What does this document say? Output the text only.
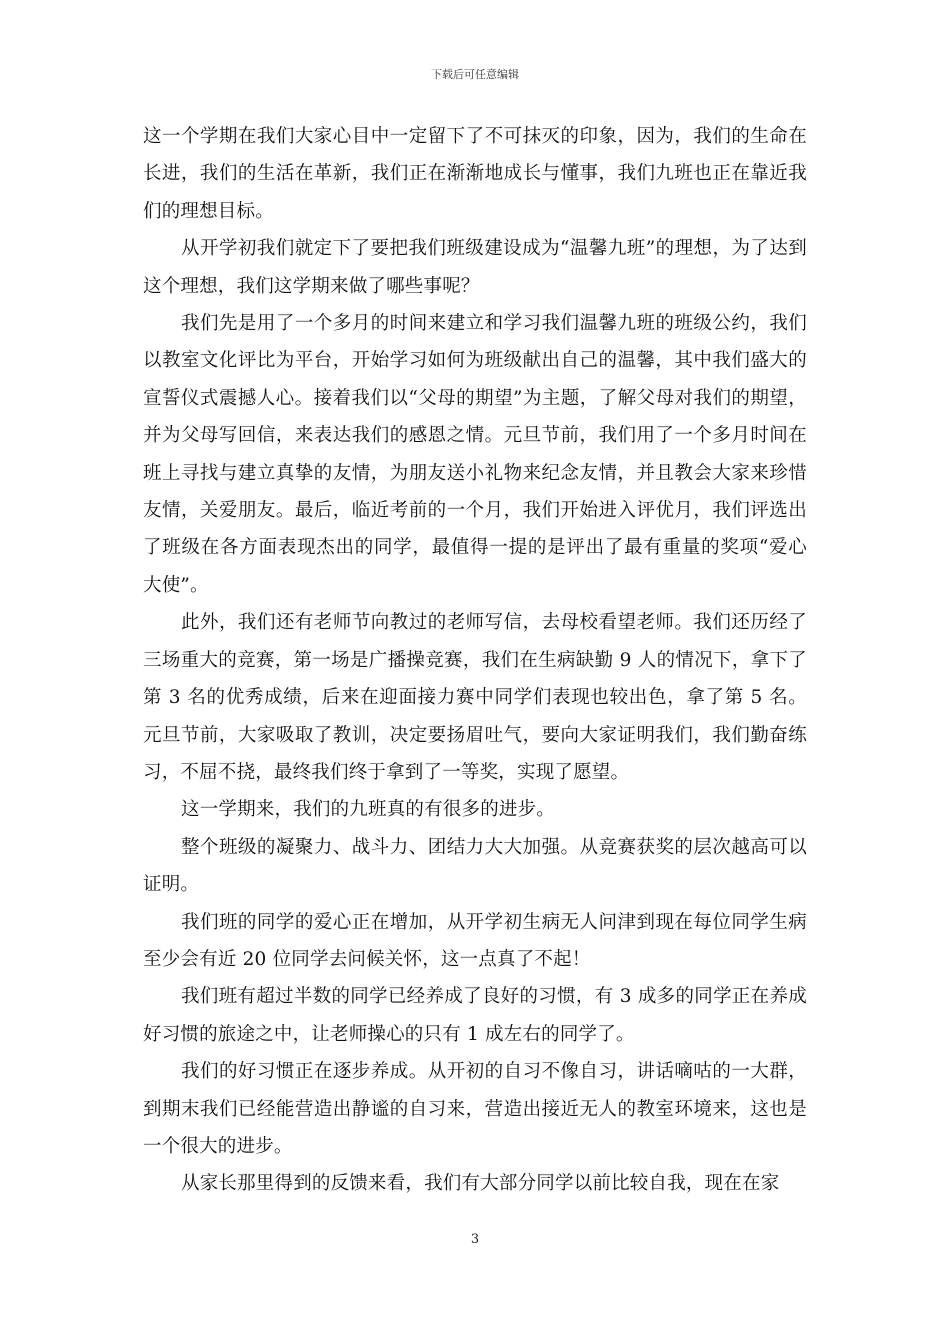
下载后可任意编辑

这一个学期在我们大家心目中一定留下了不可抹灭的印象，因为，我们的生命在长进，我们的生活在革新，我们正在渐渐地成长与懂事，我们九班也正在靠近我们的理想目标。

从开学初我们就定下了要把我们班级建设成为“温馨九班”的理想，为了达到这个理想，我们这学期来做了哪些事呢？

我们先是用了一个多月的时间来建立和学习我们温馨九班的班级公约，我们以教室文化评比为平台，开始学习如何为班级献出自己的温馨，其中我们盛大的宣誓仪式震撼人心。接着我们以“父母的期望”为主题，了解父母对我们的期望，并为父母写回信，来表达我们的感恩之情。元旦节前，我们用了一个多月时间在班上寻找与建立真挚的友情，为朋友送小礼物来纪念友情，并且教会大家来珍惜友情，关爱朋友。最后，临近考前的一个月，我们开始进入评优月，我们评选出了班级在各方面表现杰出的同学，最值得一提的是评出了最有重量的奖项“爱心大使”。

此外，我们还有老师节向教过的老师写信，去母校看望老师。我们还历经了三场重大的竞赛，第一场是广播操竞赛，我们在生病缺勤 9 人的情况下，拿下了第 3 名的优秀成绩，后来在迎面接力赛中同学们表现也较出色，拿了第 5 名。元旦节前，大家吸取了教训，决定要扬眉吐气，要向大家证明我们，我们勤奋练习，不屈不挠，最终我们终于拿到了一等奖，实现了愿望。

这一学期来，我们的九班真的有很多的进步。

整个班级的凝聚力、战斗力、团结力大大加强。从竞赛获奖的层次越高可以证明。

我们班的同学的爱心正在增加，从开学初生病无人问津到现在每位同学生病至少会有近 20 位同学去问候关怀，这一点真了不起！

我们班有超过半数的同学已经养成了良好的习惯，有 3 成多的同学正在养成好习惯的旅途之中，让老师操心的只有 1 成左右的同学了。

我们的好习惯正在逐步养成。从开初的自习不像自习，讲话嘀咕的一大群，到期末我们已经能营造出静谧的自习来，营造出接近无人的教室环境来，这也是一个很大的进步。

从家长那里得到的反馈来看，我们有大部分同学以前比较自我，现在在家

3
